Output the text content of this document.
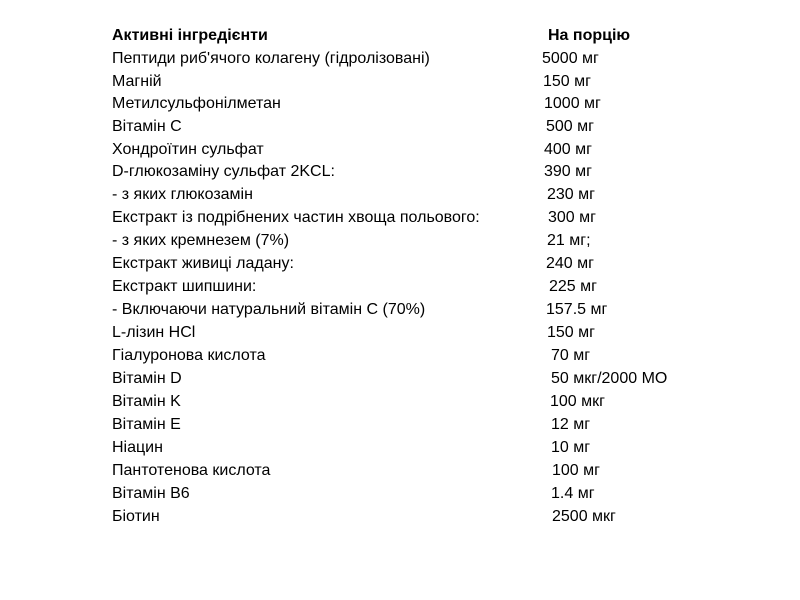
Активні інгредієнти	На порцію
Пептиди риб'ячого колагену (гідролізовані)	5000 мг
Магній	150 мг
Метилсульфонілметан	1000 мг
Вітамін С	500 мг
Хондроїтин сульфат	400 мг
D-глюкозаміну сульфат 2KCL:	390 мг
- з яких глюкозамін	230 мг
Екстракт із подрібнених частин хвоща польового:	300 мг
- з яких кремнезем (7%)	21 мг;
Екстракт живиці ладану:	240 мг
Екстракт шипшини:	225 мг
- Включаючи натуральний вітамін С (70%)	157.5 мг
L-лізин HCl	150 мг
Гіалуронова кислота	70 мг
Вітамін D	50 мкг/2000 МО
Вітамін K	100 мкг
Вітамін E	12 мг
Ніацин	10 мг
Пантотенова кислота	100 мг
Вітамін B6	1.4 мг
Біотин	2500 мкг
